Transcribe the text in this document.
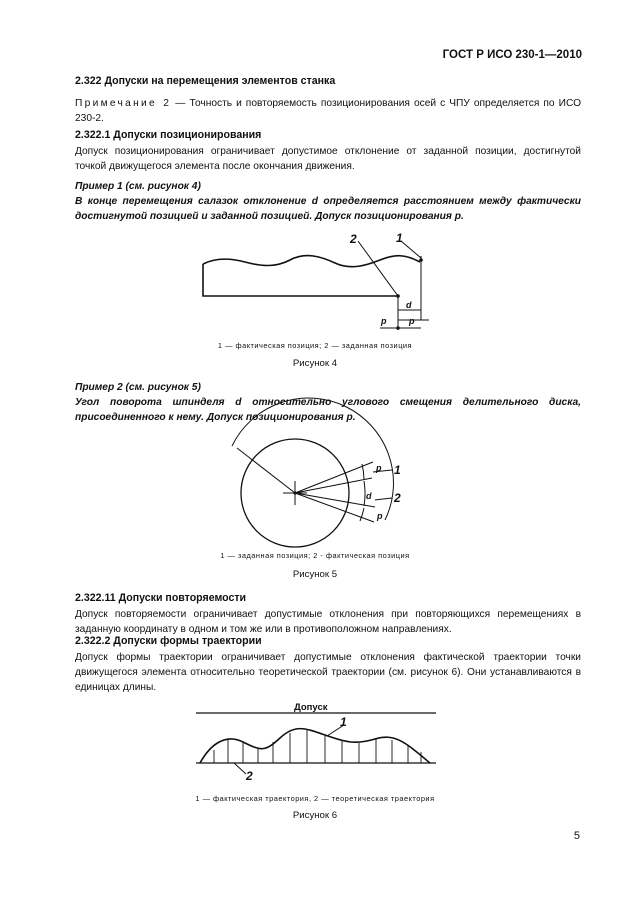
ГОСТ Р ИСО 230-1—2010
2.322 Допуски на перемещения элементов станка
Примечание 2 — Точность и повторяемость позиционирования осей с ЧПУ определяется по ИСО 230-2.
2.322.1 Допуски позиционирования
Допуск позиционирования ограничивает допустимое отклонение от заданной позиции, достигнутой точкой движущегося элемента после окончания движения.
Пример 1 (см. рисунок 4)
В конце перемещения салазок отклонение d определяется расстоянием между фактически достигнутой позицией и заданной позицией. Допуск позиционирования p.
2	1
d
p	p
1 — фактическая позиция; 2 — заданная позиция
Рисунок 4
Пример 2 (см. рисунок 5)
Угол поворота шпинделя d относительно углового смещения делительного диска, присоединенного к нему. Допуск позиционирования p.
p 1
d 2
p
1 — заданная позиция; 2 - фактическая позиция
Рисунок 5
2.322.11 Допуски повторяемости
Допуск повторяемости ограничивает допустимые отклонения при повторяющихся перемещениях в заданную координату в одном и том же или в противоположном направлениях.
2.322.2 Допуски формы траектории
Допуск формы траектории ограничивает допустимые отклонения фактической траектории точки движущегося элемента относительно теоретической траектории (см. рисунок 6). Они устанавливаются в единицах длины.
Допуск
1
2
1 — фактическая траектория, 2 — теоретическая траектория
Рисунок 6
5
